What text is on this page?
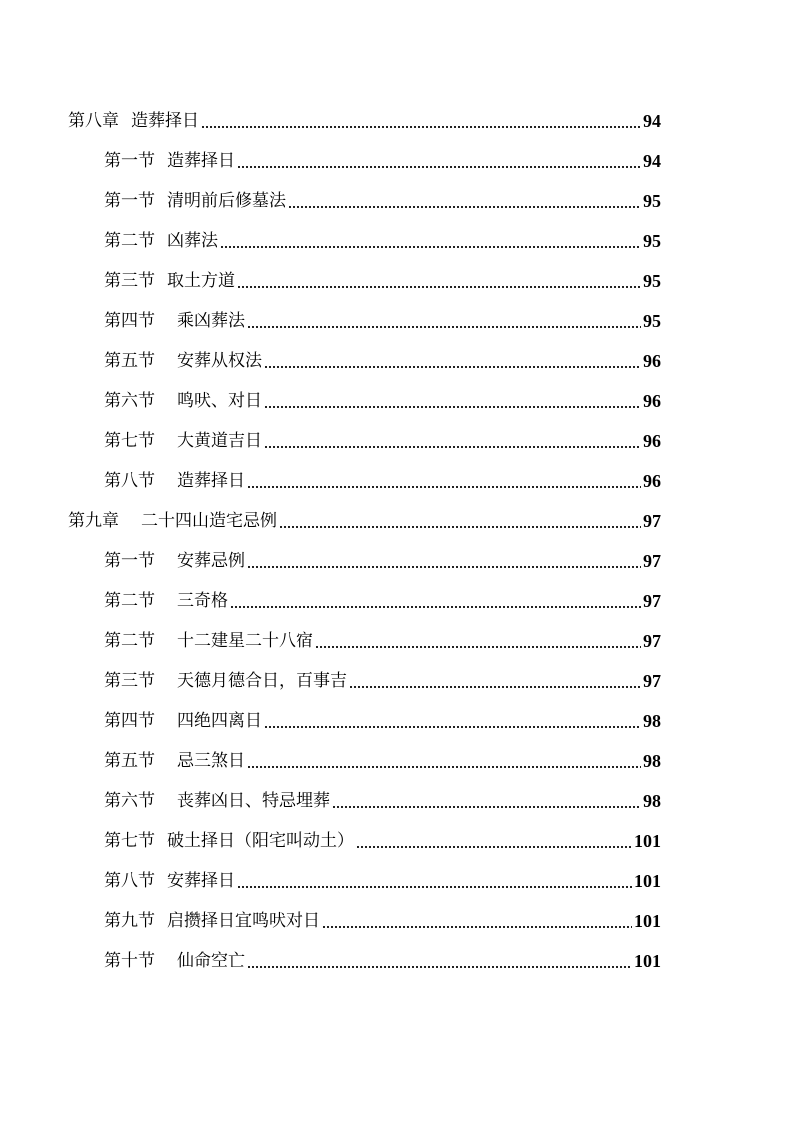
第八章 造葬择日	94
第一节 造葬择日	94
第一节 清明前后修墓法	95
第二节 凶葬法	95
第三节 取土方道	95
第四节 乘凶葬法	95
第五节 安葬从权法	96
第六节 鸣吠、对日	96
第七节 大黄道吉日	96
第八节 造葬择日	96
第九章 二十四山造宅忌例	97
第一节 安葬忌例	97
第二节 三奇格	97
第二节 十二建星二十八宿	97
第三节 天德月德合日，百事吉	97
第四节 四绝四离日	98
第五节 忌三煞日	98
第六节 丧葬凶日、特忌埋葬	98
第七节 破土择日（阳宅叫动土）	101
第八节 安葬择日	101
第九节 启攒择日宜鸣吠对日	101
第十节 仙命空亡	101
